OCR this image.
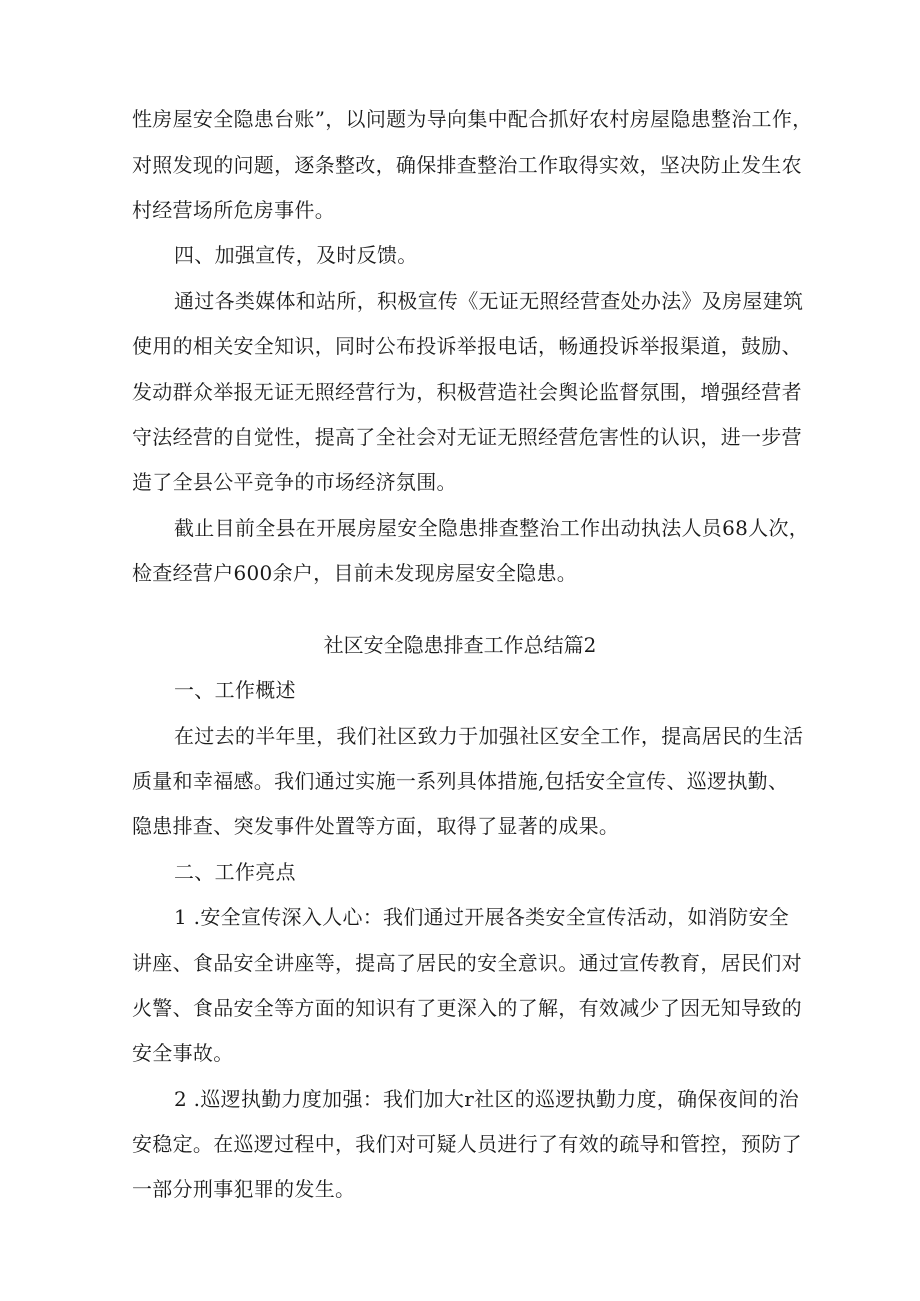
性房屋安全隐患台账”，以问题为导向集中配合抓好农村房屋隐患整治工作，
对照发现的问题，逐条整改，确保排查整治工作取得实效，坚决防止发生农
村经营场所危房事件。
四、加强宣传，及时反馈。
通过各类媒体和站所，积极宣传《无证无照经营查处办法》及房屋建筑
使用的相关安全知识，同时公布投诉举报电话，畅通投诉举报渠道，鼓励、
发动群众举报无证无照经营行为，积极营造社会舆论监督氛围，增强经营者
守法经营的自觉性，提高了全社会对无证无照经营危害性的认识，进一步营
造了全县公平竞争的市场经济氛围。
截止目前全县在开展房屋安全隐患排查整治工作出动执法人员68人次，
检查经营户600余户，目前未发现房屋安全隐患。
社区安全隐患排查工作总结篇2
一、工作概述
在过去的半年里，我们社区致力于加强社区安全工作，提高居民的生活
质量和幸福感。我们通过实施一系列具体措施,包括安全宣传、巡逻执勤、
隐患排查、突发事件处置等方面，取得了显著的成果。
二、工作亮点
1 .安全宣传深入人心：我们通过开展各类安全宣传活动，如消防安全
讲座、食品安全讲座等，提高了居民的安全意识。通过宣传教育，居民们对
火警、食品安全等方面的知识有了更深入的了解，有效减少了因无知导致的
安全事故。
2 .巡逻执勤力度加强：我们加大r社区的巡逻执勤力度，确保夜间的治
安稳定。在巡逻过程中，我们对可疑人员进行了有效的疏导和管控，预防了
一部分刑事犯罪的发生。
